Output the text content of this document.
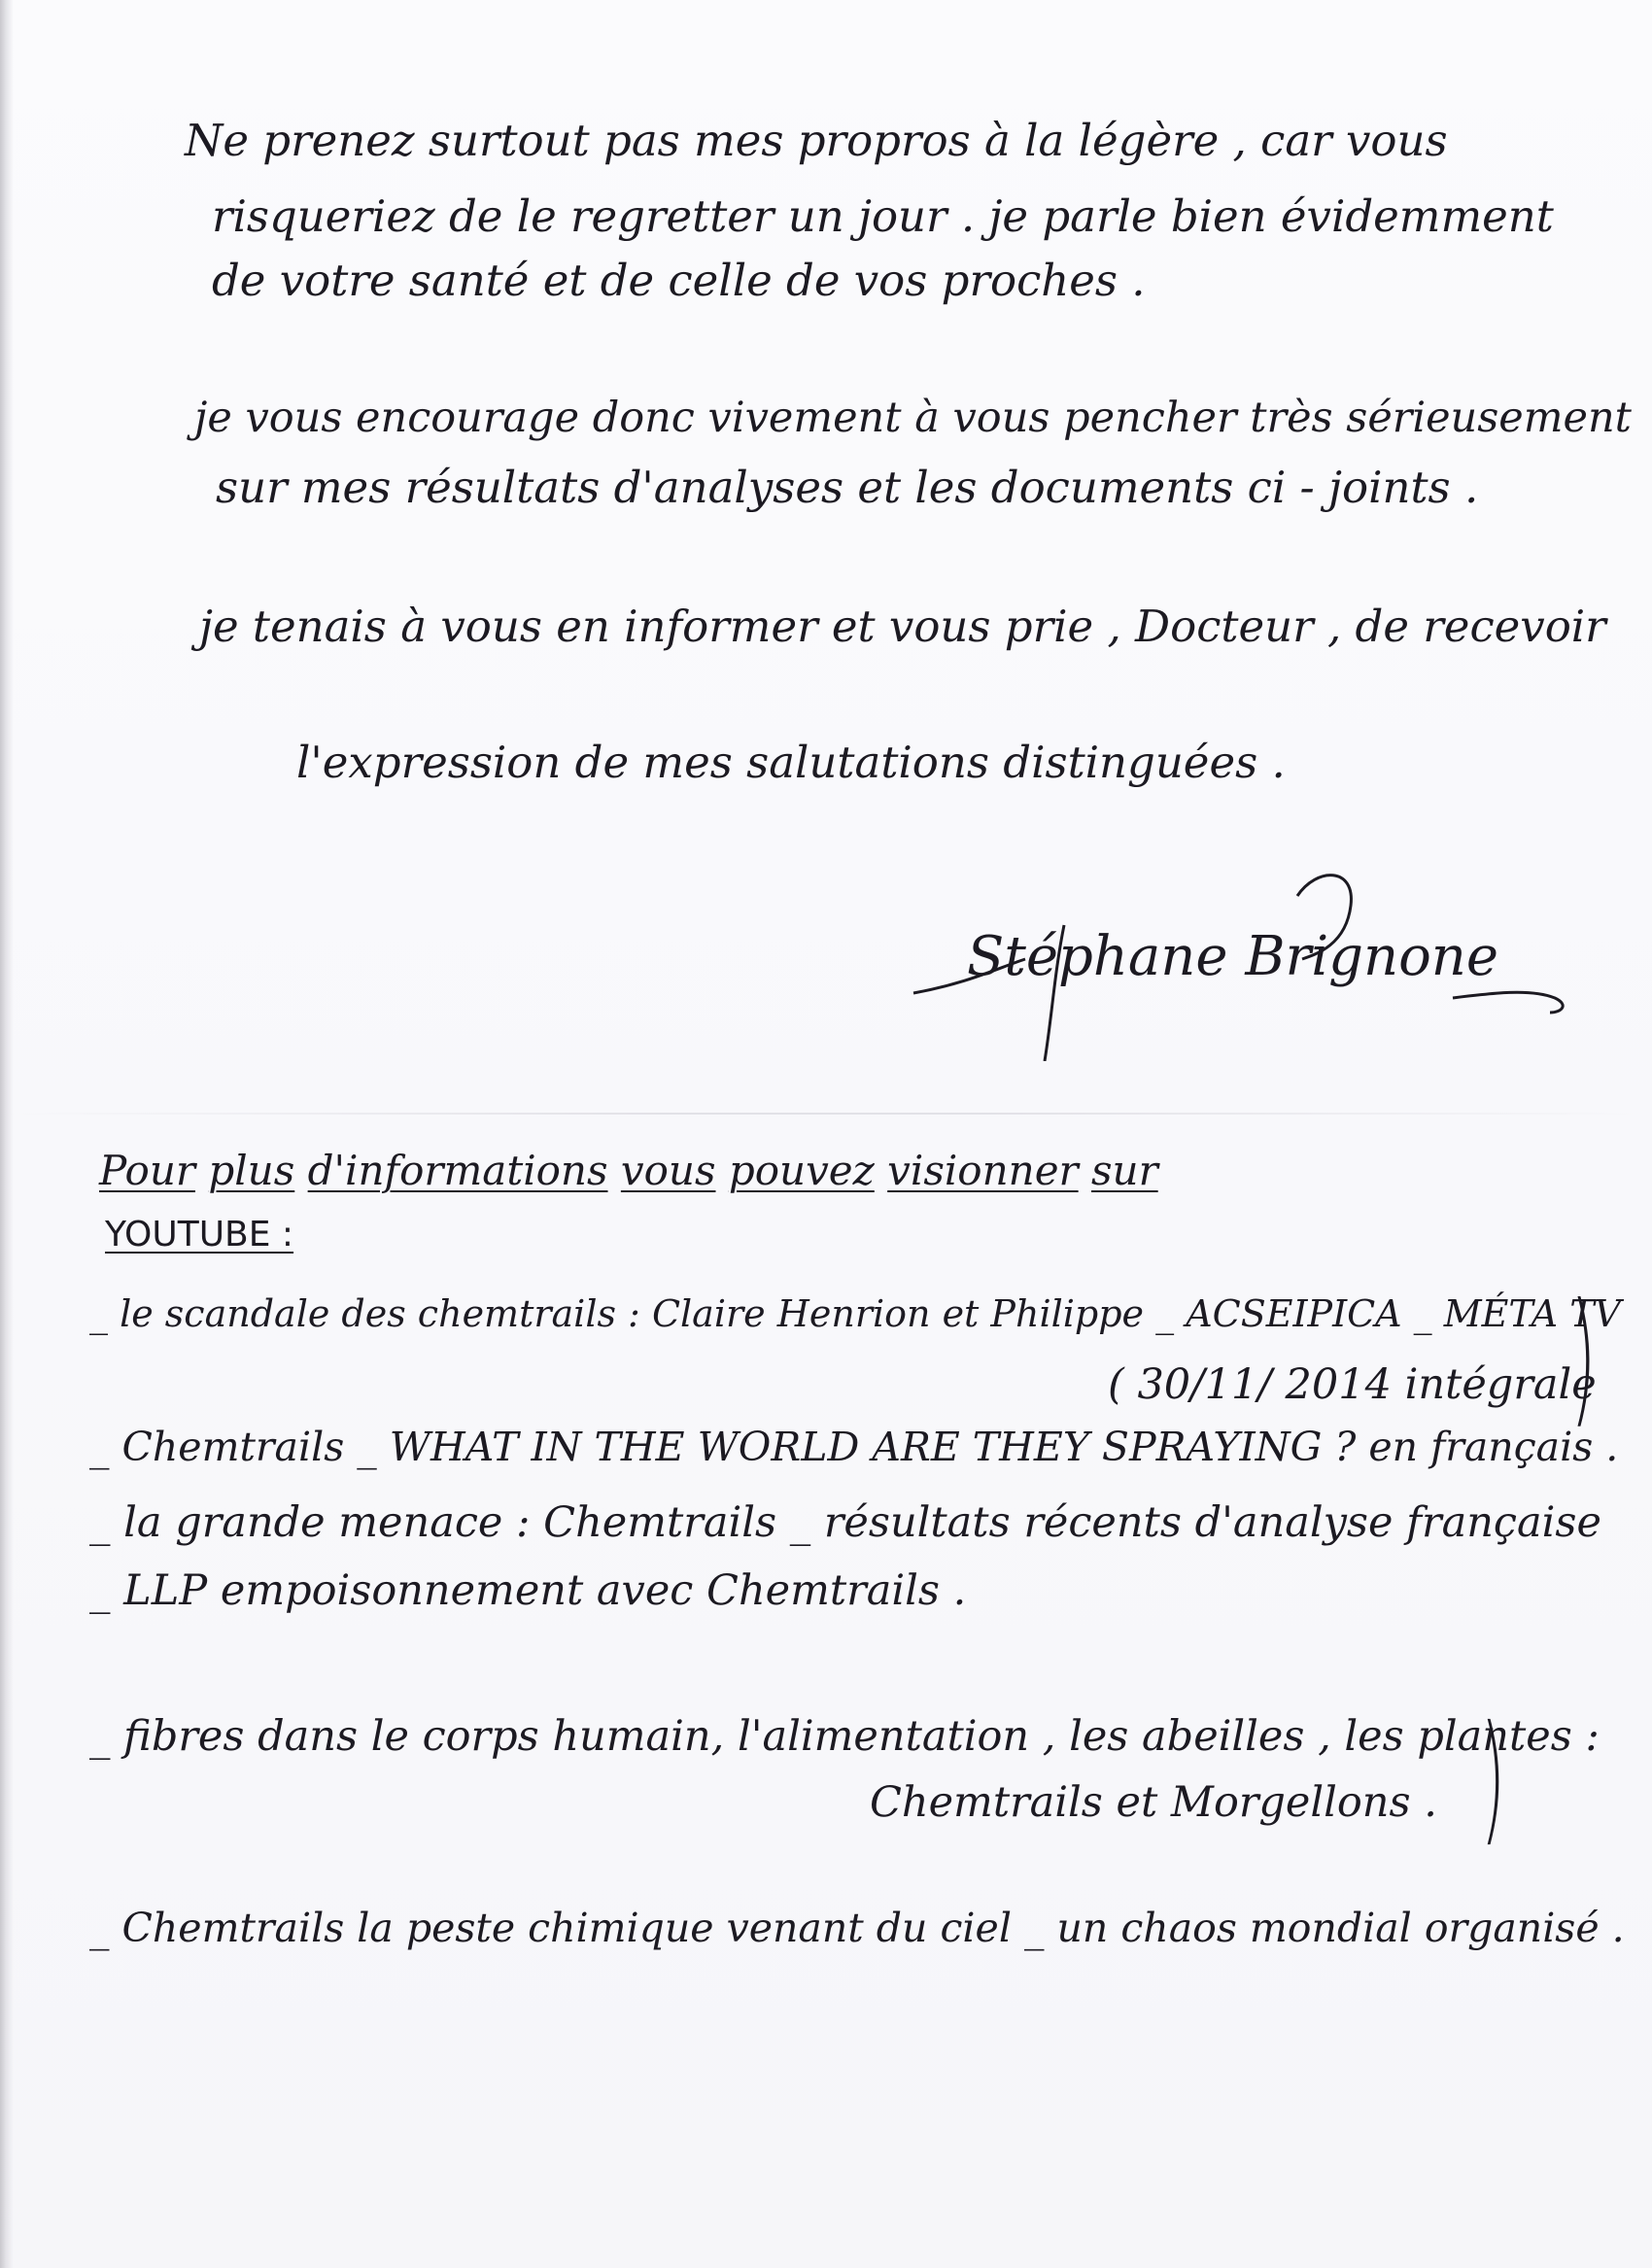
Ne prenez surtout pas mes propros à la légère , car vous

risqueriez de le regretter un jour . je parle bien évidemment

de votre santé et de celle de vos proches .

je vous encourage donc vivement à vous pencher très sérieusement

sur mes résultats d'analyses et les documents ci - joints .

je tenais à vous en informer et vous prie , Docteur , de recevoir

l'expression de mes salutations distinguées .

Stéphane Brignone

Pour plus d'informations vous pouvez visionner sur

YOUTUBE :

_ le scandale des chemtrails : Claire Henrion et Philippe _ ACSEIPICA _ MÉTA TV

( 30/11/ 2014 intégrale

)

_ Chemtrails _ WHAT IN THE WORLD ARE THEY SPRAYING ? en français .

_ la grande menace : Chemtrails _ résultats récents d'analyse française

_ LLP empoisonnement avec Chemtrails .

_ fibres dans le corps humain, l'alimentation , les abeilles , les plantes :

Chemtrails et Morgellons . )

_ Chemtrails la peste chimique venant du ciel _ un chaos mondial organisé .
